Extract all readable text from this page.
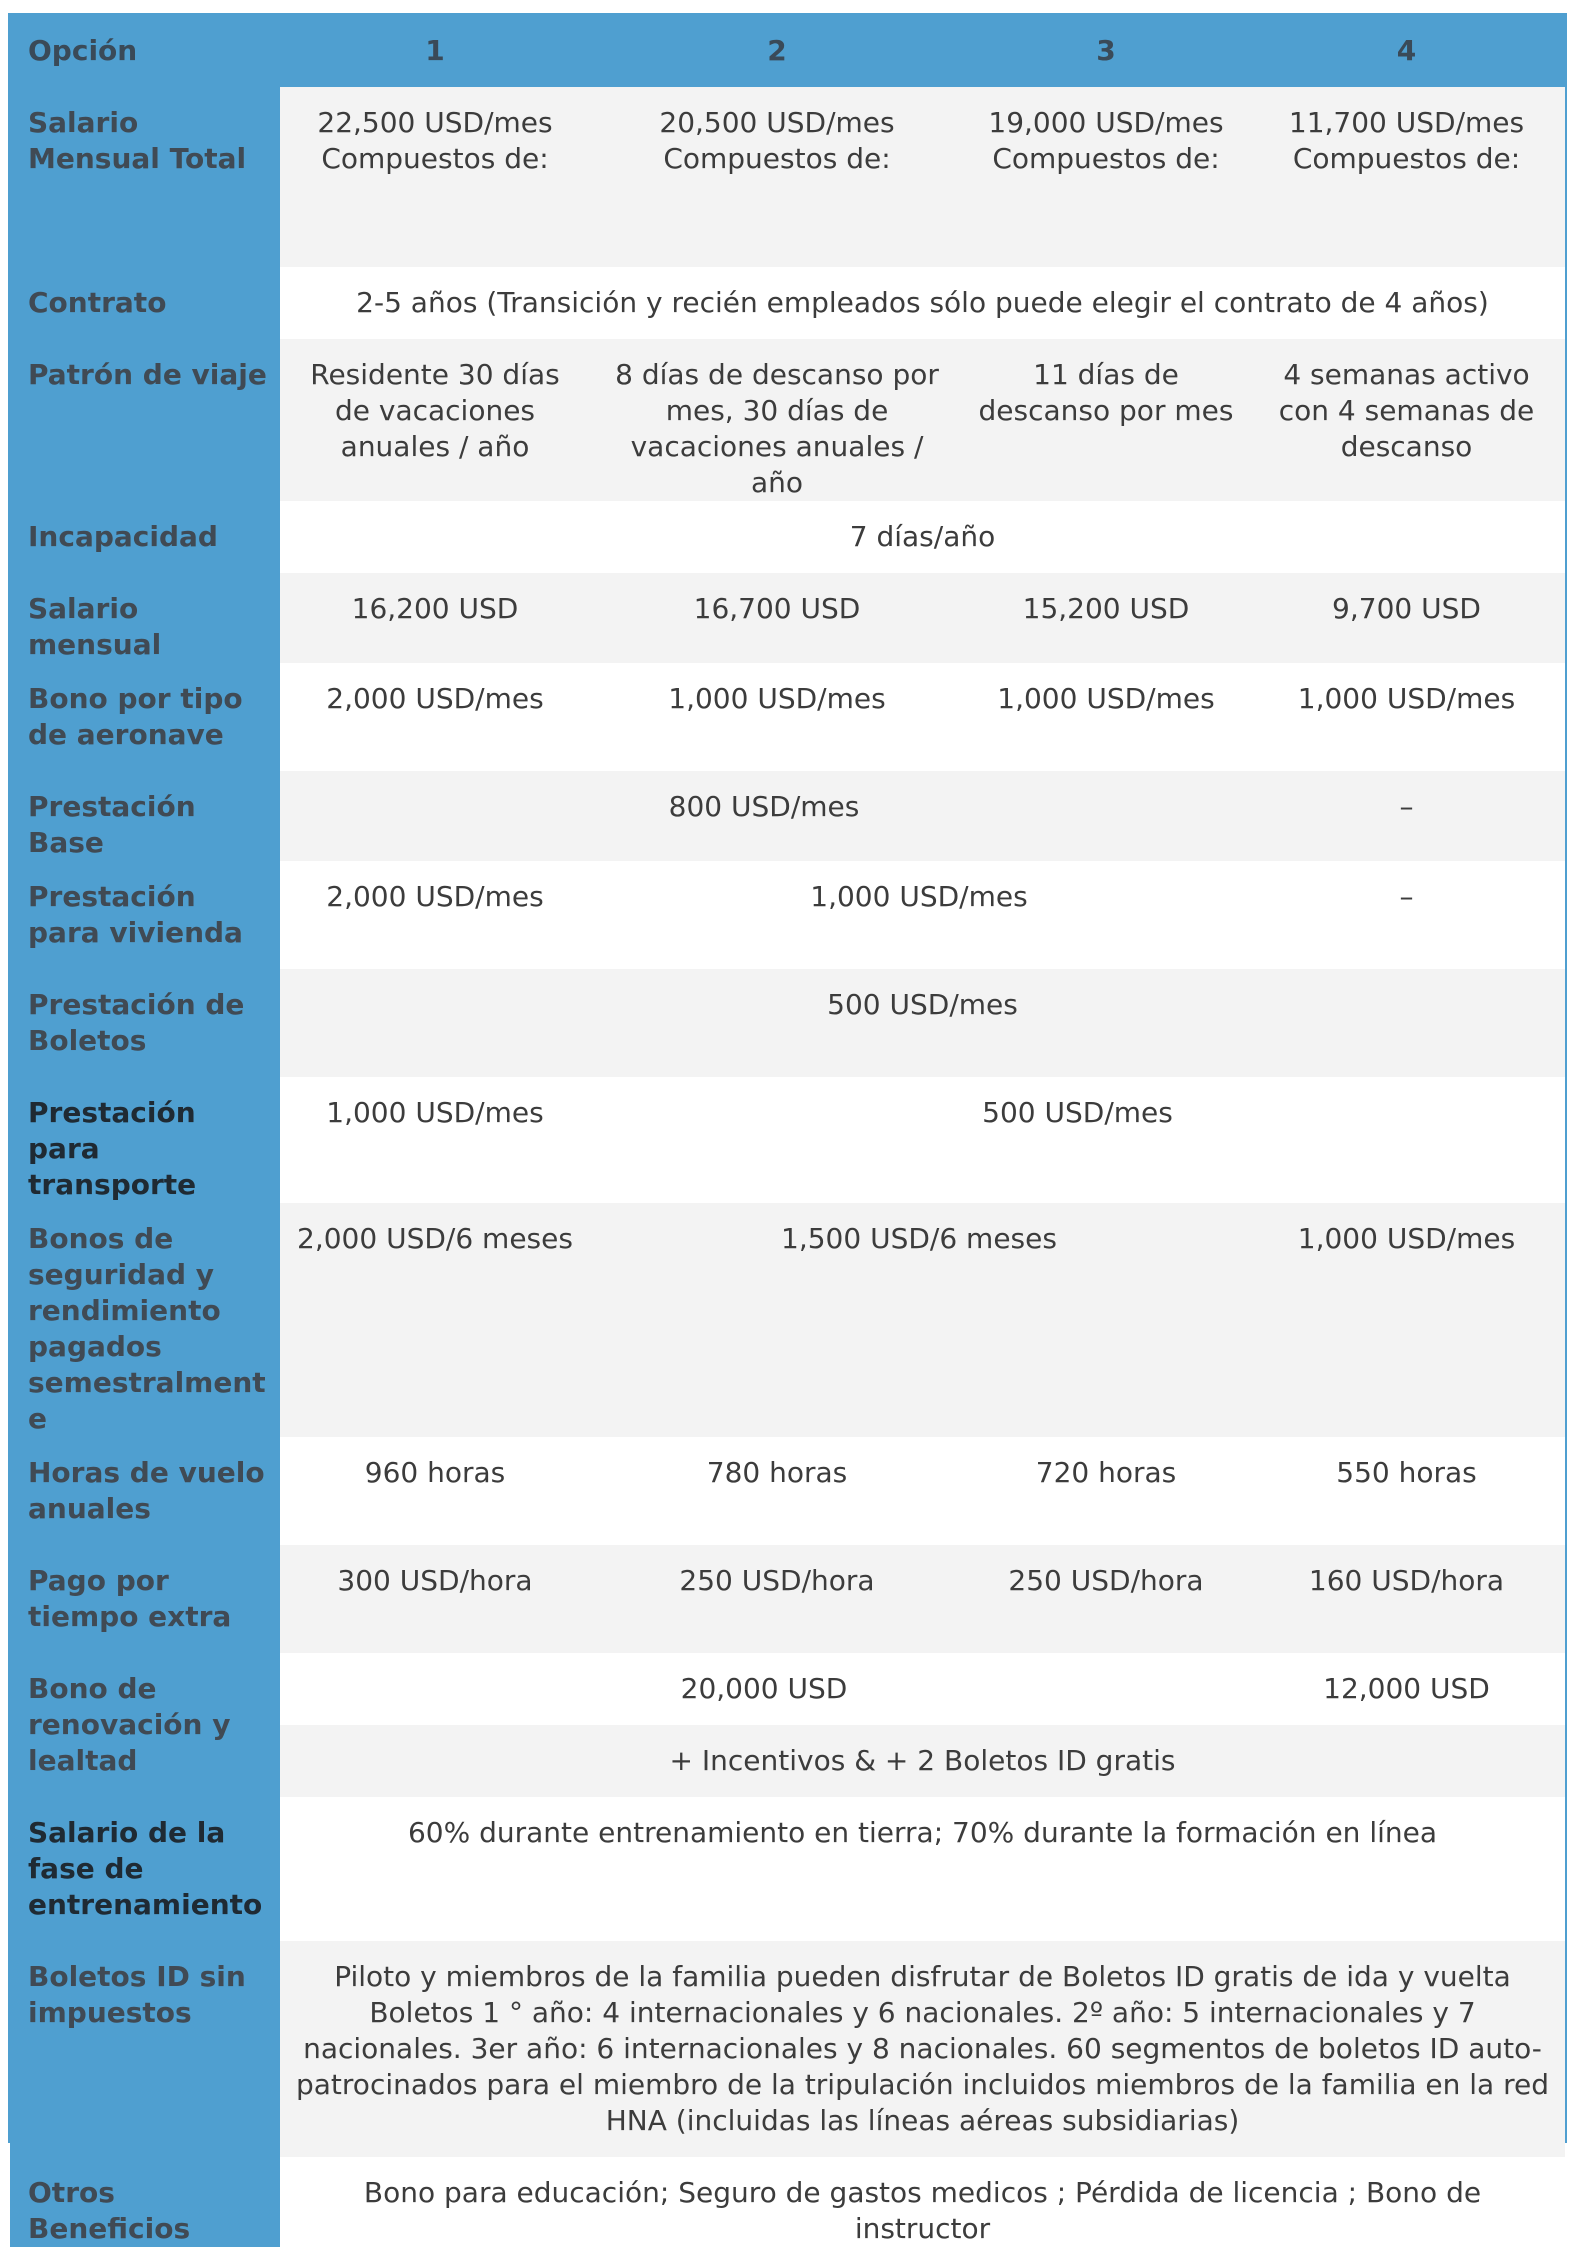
Opción	1	2	3	4
Salario Mensual Total	22,500 USD/mes Compuestos de:	20,500 USD/mes Compuestos de:	19,000 USD/mes Compuestos de:	11,700 USD/mes Compuestos de:
Contrato	2-5 años (Transición y recién empleados sólo puede elegir el contrato de 4 años)			
Patrón de viaje	Residente 30 días de vacaciones anuales / año	8 días de descanso por mes, 30 días de vacaciones anuales / año	11 días de descanso por mes	4 semanas activo con 4 semanas de descanso
Incapacidad	7 días/año			
Salario mensual	16,200 USD	16,700 USD	15,200 USD	9,700 USD
Bono por tipo de aeronave	2,000 USD/mes	1,000 USD/mes	1,000 USD/mes	1,000 USD/mes
Prestación Base	800 USD/mes			–
Prestación para vivienda	2,000 USD/mes	1,000 USD/mes		–
Prestación de Boletos	500 USD/mes			
Prestación para transporte	1,000 USD/mes	500 USD/mes		
Bonos de seguridad y rendimiento pagados semestralmente	2,000 USD/6 meses	1,500 USD/6 meses		1,000 USD/mes
Horas de vuelo anuales	960 horas	780 horas	720 horas	550 horas
Pago por tiempo extra	300 USD/hora	250 USD/hora	250 USD/hora	160 USD/hora
Bono de renovación y lealtad	20,000 USD			12,000 USD
	+ Incentivos & + 2 Boletos ID gratis			
Salario de la fase de entrenamiento	60% durante entrenamiento en tierra; 70% durante la formación en línea			
Boletos ID sin impuestos	Piloto y miembros de la familia pueden disfrutar de Boletos ID gratis de ida y vuelta Boletos 1 ° año: 4 internacionales y 6 nacionales. 2º año: 5 internacionales y 7 nacionales. 3er año: 6 internacionales y 8 nacionales. 60 segmentos de boletos ID auto-patrocinados para el miembro de la tripulación incluidos miembros de la familia en la red HNA (incluidas las líneas aéreas subsidiarias)			
Otros Beneficios	Bono para educación; Seguro de gastos medicos ; Pérdida de licencia ; Bono de instructor			
